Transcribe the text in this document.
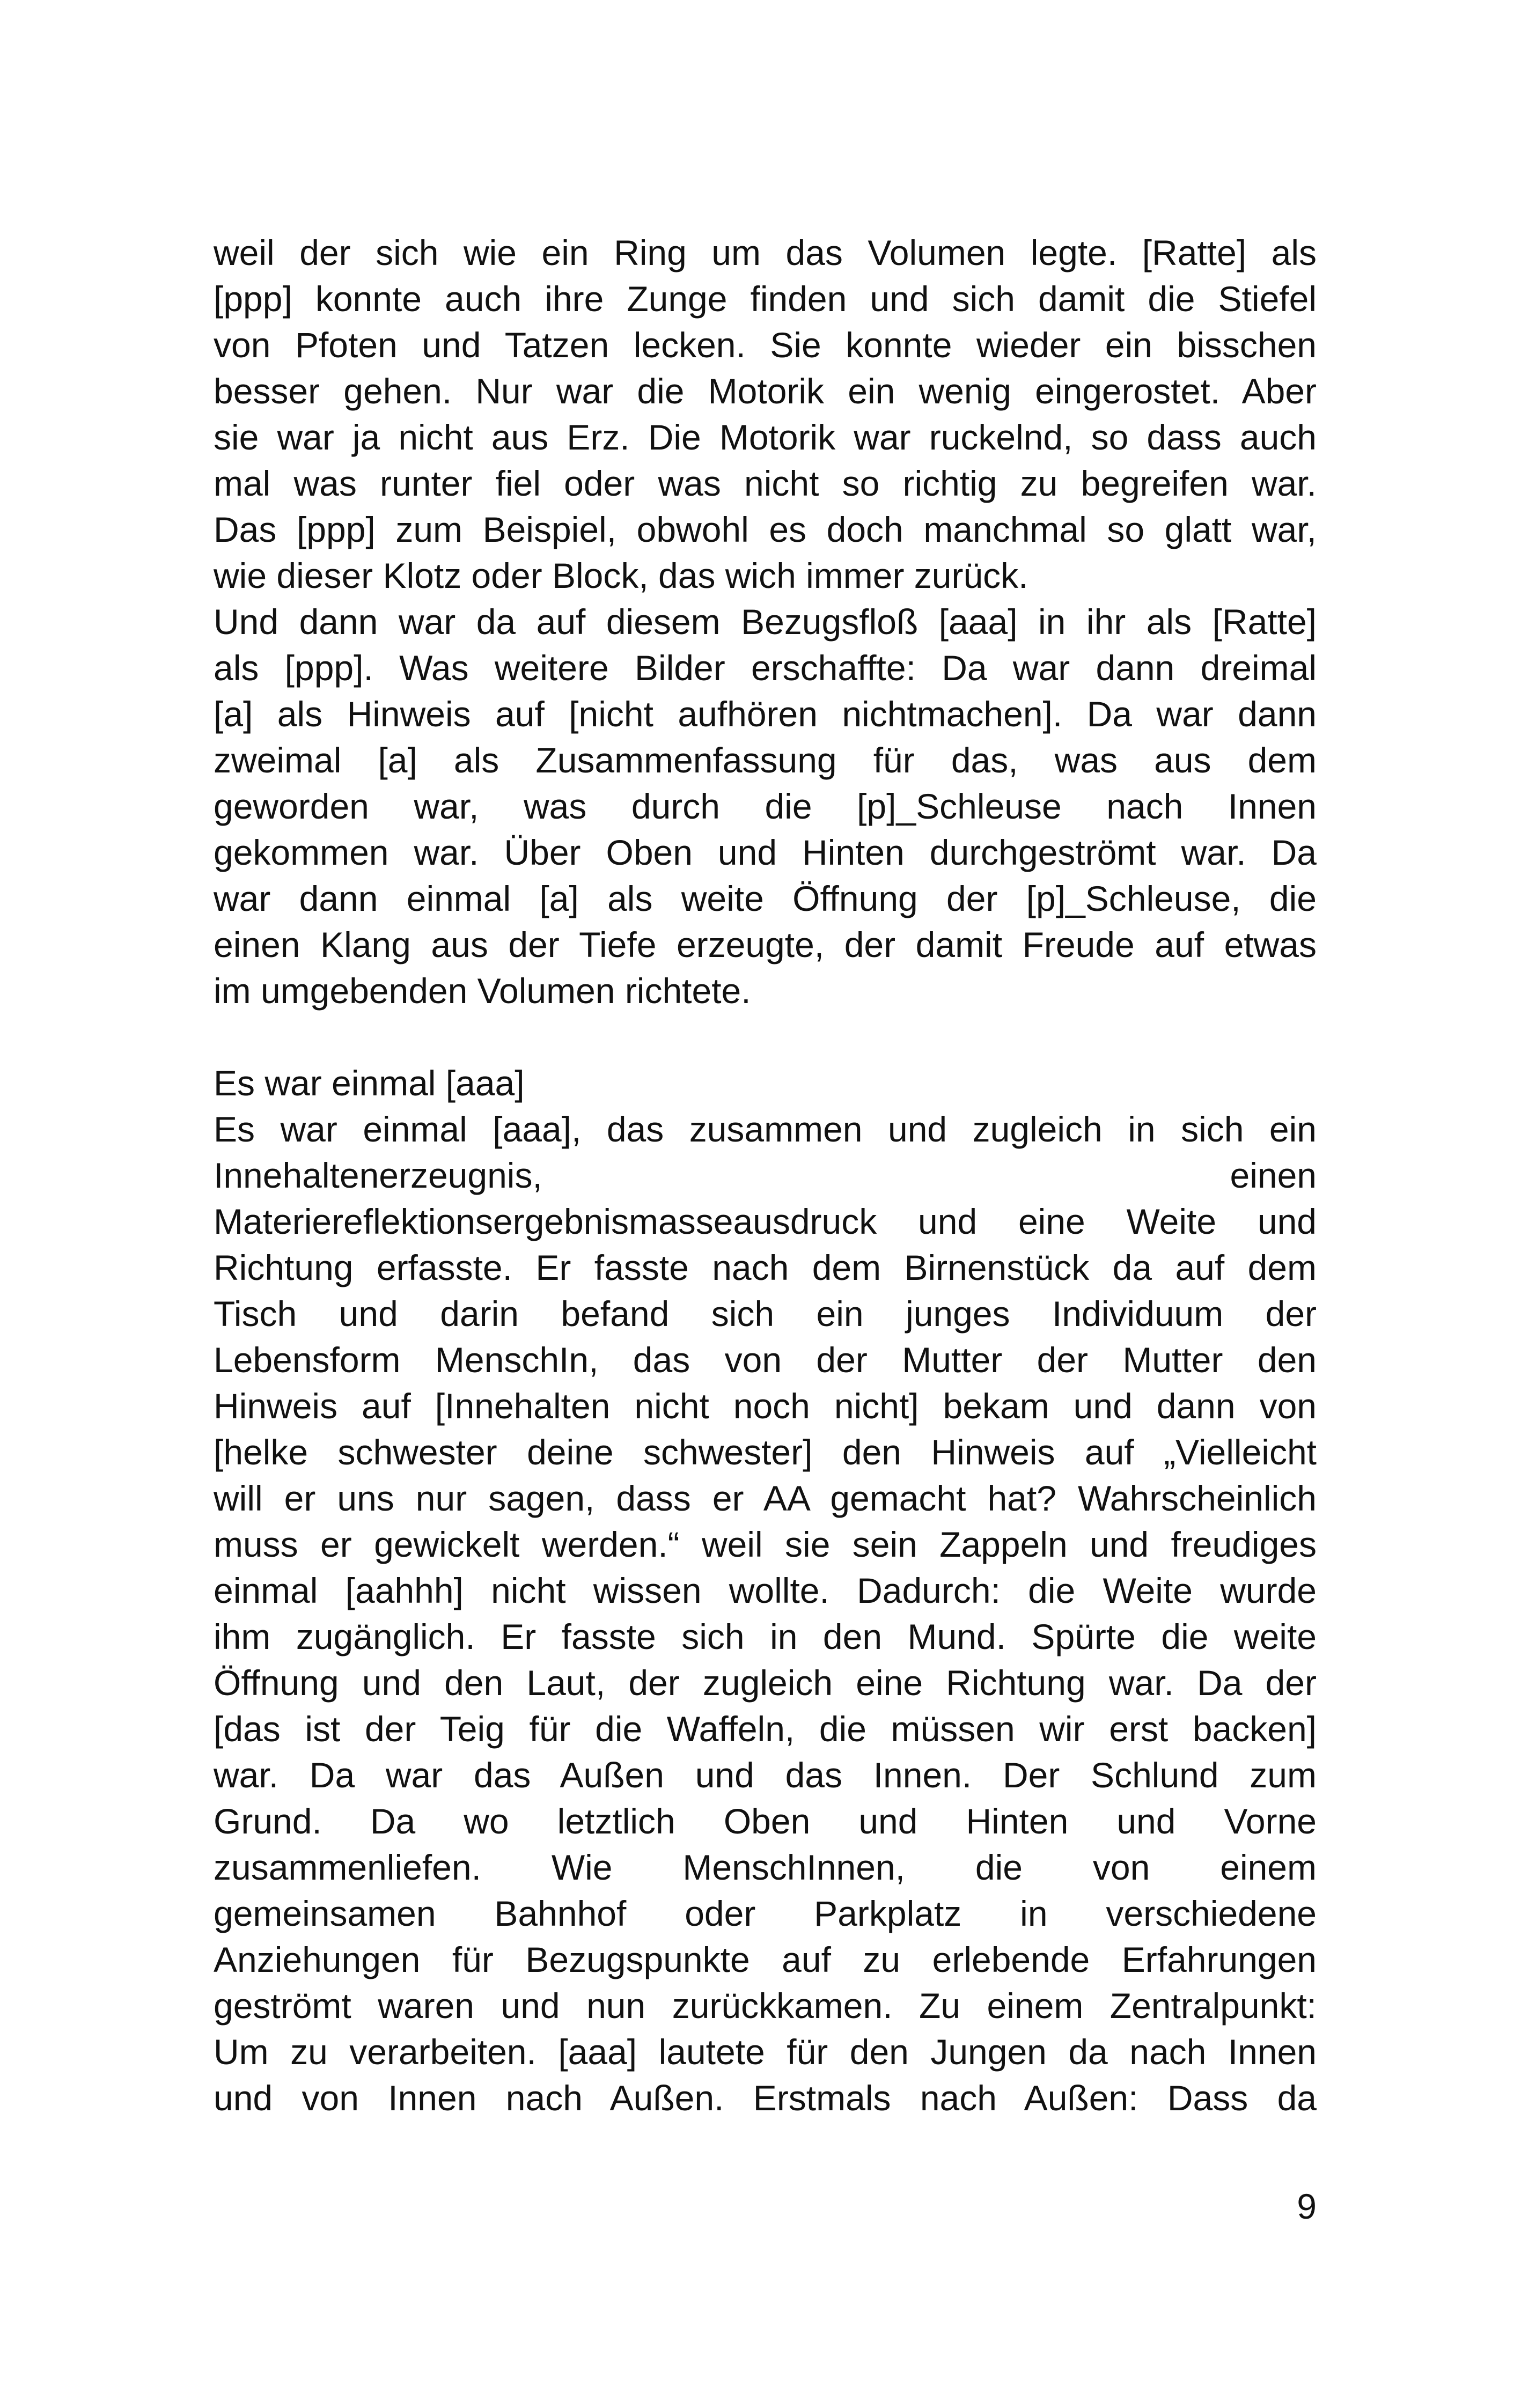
weil der sich wie ein Ring um das Volumen legte. [Ratte] als
[ppp] konnte auch ihre Zunge finden und sich damit die Stiefel
von Pfoten und Tatzen lecken. Sie konnte wieder ein bisschen
besser gehen. Nur war die Motorik ein wenig eingerostet. Aber
sie war ja nicht aus Erz. Die Motorik war ruckelnd, so dass auch
mal was runter fiel oder was nicht so richtig zu begreifen war.
Das [ppp] zum Beispiel, obwohl es doch manchmal so glatt war,
wie dieser Klotz oder Block, das wich immer zurück.
Und dann war da auf diesem Bezugsfloß [aaa] in ihr als [Ratte]
als [ppp]. Was weitere Bilder erschaffte: Da war dann dreimal
[a] als Hinweis auf [nicht aufhören nichtmachen]. Da war dann
zweimal [a] als Zusammenfassung für das, was aus dem
geworden war, was durch die [p]_Schleuse nach Innen
gekommen war. Über Oben und Hinten durchgeströmt war. Da
war dann einmal [a] als weite Öffnung der [p]_Schleuse, die
einen Klang aus der Tiefe erzeugte, der damit Freude auf etwas
im umgebenden Volumen richtete.
Es war einmal [aaa]
Es war einmal [aaa], das zusammen und zugleich in sich ein
Innehaltenerzeugnis, einen
Materiereflektionsergebnismasseausdruck und eine Weite und
Richtung erfasste. Er fasste nach dem Birnenstück da auf dem
Tisch und darin befand sich ein junges Individuum der
Lebensform MenschIn, das von der Mutter der Mutter den
Hinweis auf [Innehalten nicht noch nicht] bekam und dann von
[helke schwester deine schwester] den Hinweis auf „Vielleicht
will er uns nur sagen, dass er AA gemacht hat? Wahrscheinlich
muss er gewickelt werden.“ weil sie sein Zappeln und freudiges
einmal [aahhh] nicht wissen wollte. Dadurch: die Weite wurde
ihm zugänglich. Er fasste sich in den Mund. Spürte die weite
Öffnung und den Laut, der zugleich eine Richtung war. Da der
[das ist der Teig für die Waffeln, die müssen wir erst backen]
war. Da war das Außen und das Innen. Der Schlund zum
Grund. Da wo letztlich Oben und Hinten und Vorne
zusammenliefen. Wie MenschInnen, die von einem
gemeinsamen Bahnhof oder Parkplatz in verschiedene
Anziehungen für Bezugspunkte auf zu erlebende Erfahrungen
geströmt waren und nun zurückkamen. Zu einem Zentralpunkt:
Um zu verarbeiten. [aaa] lautete für den Jungen da nach Innen
und von Innen nach Außen. Erstmals nach Außen: Dass da
9
